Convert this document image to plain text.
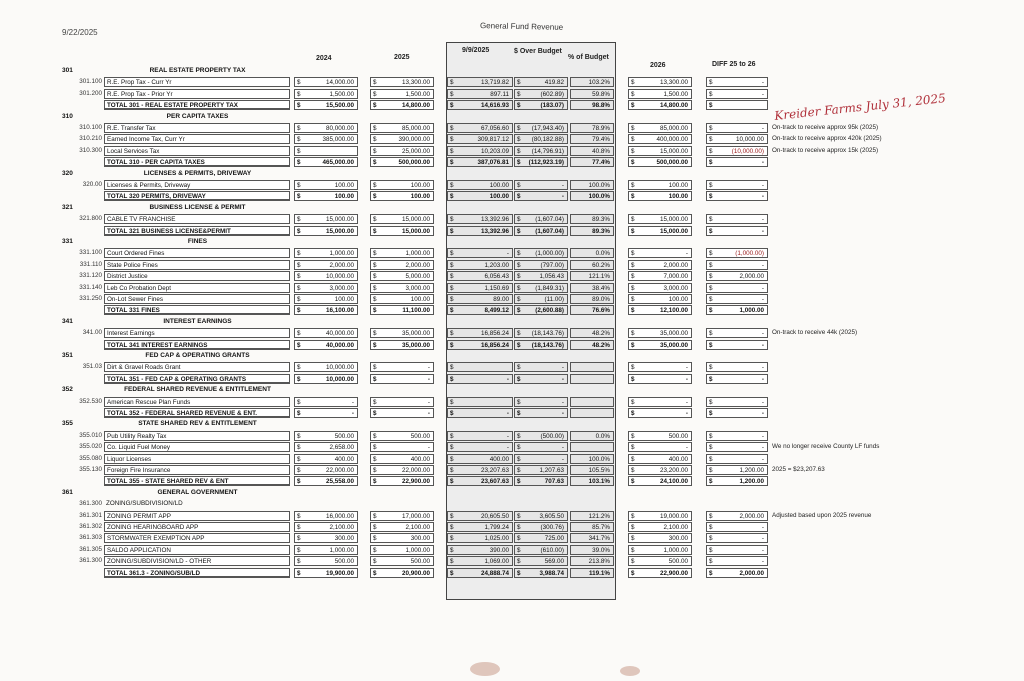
9/22/2025
General Fund Revenue
2024	2025
9/9/2025	$ Over Budget
% of Budget
2026	DIFF 25 to 26
Kreider Farms July 31, 2025
301	REAL ESTATE PROPERTY TAX
301.100 R.E. Prop Tax - Curr Yr	$	14,000.00	$	13,300.00	$	13,719.82 $	419.82	103.2%	$	13,300.00	$	-
301.200 R.E. Prop Tax - Prior Yr	$	1,500.00	$	1,500.00	$	897.11 $	(602.89)	59.8%	$	1,500.00	$	-
TOTAL 301 - REAL ESTATE PROPERTY TAX	$	15,500.00	$	14,800.00	$	14,616.93 $	(183.07)	98.8%	$	14,800.00	$
310	PER CAPITA TAXES
310.100 R.E. Transfer Tax	$	80,000.00	$	85,000.00	$	67,056.60 $ (17,943.40)	78.9%	$	85,000.00	$	- On-track to receive approx 95k (2025)
310.210 Earned Income Tax, Curr Yr	$	385,000.00	$	390,000.00	$	309,817.12 $ (80,182.88)	79.4%	$	400,000.00	$	10,000.00 On-track to receive approx 420k (2025)
310.300 Local Services Tax	$	$	25,000.00	$	10,203.09 $ (14,796.91)	40.8%	$	15,000.00	$	(10,000.00) On-track to receive approx 15k (2025)
TOTAL 310 - PER CAPITA TAXES	$	465,000.00	$	500,000.00	$	387,076.81 $ (112,923.19)	77.4%	$	500,000.00	$	-
320	LICENSES & PERMITS, DRIVEWAY
320.00 Licenses & Permits, Driveway	$	100.00	$	100.00	$	100.00 $	-	100.0%	$	100.00	$	-
TOTAL 320 PERMITS, DRIVEWAY	$	100.00	$	100.00	$	100.00 $	-	100.0%	$	100.00	$	-
321	BUSINESS LICENSE & PERMIT
321.800 CABLE TV FRANCHISE	$	15,000.00	$	15,000.00	$	13,392.96 $ (1,607.04)	89.3%	$	15,000.00	$	-
TOTAL 321 BUSINESS LICENSE&PERMIT	$	15,000.00	$	15,000.00	$	13,392.96 $ (1,607.04)	89.3%	$	15,000.00	$	-
331	FINES
331.100 Court Ordered Fines	$	1,000.00	$	1,000.00	$	- $ (1,000.00)	0.0%	$	-	$	(1,000.00)
331.110 State Police Fines	$	2,000.00	$	2,000.00	$	1,203.00 $	(797.00)	60.2%	$	2,000.00	$	-
331.120 District Justice	$	10,000.00	$	5,000.00	$	6,056.43 $	1,056.43	121.1%	$	7,000.00	$	2,000.00
331.140 Leb Co Probation Dept	$	3,000.00	$	3,000.00	$	1,150.69 $ (1,849.31)	38.4%	$	3,000.00	$	-
331.250 On-Lot Sewer Fines	$	100.00	$	100.00	$	89.00 $	(11.00)	89.0%	$	100.00	$	-
TOTAL 331 FINES	$	16,100.00	$	11,100.00	$	8,499.12 $ (2,600.88)	76.6%	$	12,100.00	$	1,000.00
341	INTEREST EARNINGS
341.00 Interest Earnings	$	40,000.00	$	35,000.00	$	16,856.24 $ (18,143.76)	48.2%	$	35,000.00	$	- On-track to receive 44k (2025)
TOTAL 341 INTEREST EARNINGS	$	40,000.00	$	35,000.00	$	16,856.24 $ (18,143.76)	48.2%	$	35,000.00	$	-
351	FED CAP & OPERATING GRANTS
351.03 Dirt & Gravel Roads Grant	$	10,000.00	$	-	$	$	-	$	-	$	-
TOTAL 351 - FED CAP & OPERATING GRANTS	$	10,000.00	$	-	$	- $	-	$	-	$	-
352	FEDERAL SHARED REVENUE & ENTITLEMENT
352.530 American Rescue Plan Funds	$	-	$	-	$	$	-	$	-	$	-
TOTAL 352 - FEDERAL SHARED REVENUE & ENT.	$	-	$	-	$	- $	-	$	-	$	-
355	STATE SHARED REV & ENTITLEMENT
355.010 Pub Utility Realty Tax	$	500.00	$	500.00	$	- $	(500.00)	0.0%	$	500.00	$	-
355.020 Co. Liquid Fuel Money	$	2,658.00	$	-	$	- $	-	$	-	$	- We no longer receive County LF funds
355.080 Liquor Licenses	$	400.00	$	400.00	$	400.00 $	-	100.0%	$	400.00	$	-
355.130 Foreign Fire Insurance	$	22,000.00	$	22,000.00	$	23,207.63 $	1,207.63	105.5%	$	23,200.00	$	1,200.00 2025 = $23,207.63
TOTAL 355 - STATE SHARED REV & ENT	$	25,558.00	$	22,900.00	$	23,607.63 $	707.63	103.1%	$	24,100.00	$	1,200.00
361	GENERAL GOVERNMENT
361.300 ZONING/SUBDIVISION/LD
361.301 ZONING PERMIT APP	$	16,000.00	$	17,000.00	$	20,605.50 $	3,605.50	121.2%	$	19,000.00	$	2,000.00 Adjusted based upon 2025 revenue
361.302 ZONING HEARINGBOARD APP	$	2,100.00	$	2,100.00	$	1,799.24 $	(300.76)	85.7%	$	2,100.00	$	-
361.303 STORMWATER EXEMPTION APP	$	300.00	$	300.00	$	1,025.00 $	725.00	341.7%	$	300.00	$	-
361.305 SALDO APPLICATION	$	1,000.00	$	1,000.00	$	390.00 $	(610.00)	39.0%	$	1,000.00	$	-
361.300 ZONING/SUBDIVISION/LD - OTHER	$	500.00	$	500.00	$	1,069.00 $	569.00	213.8%	$	500.00	$	-
TOTAL 361.3 - ZONING/SUB/LD	$	19,900.00	$	20,900.00	$	24,888.74 $	3,988.74	119.1%	$	22,900.00	$	2,000.00
